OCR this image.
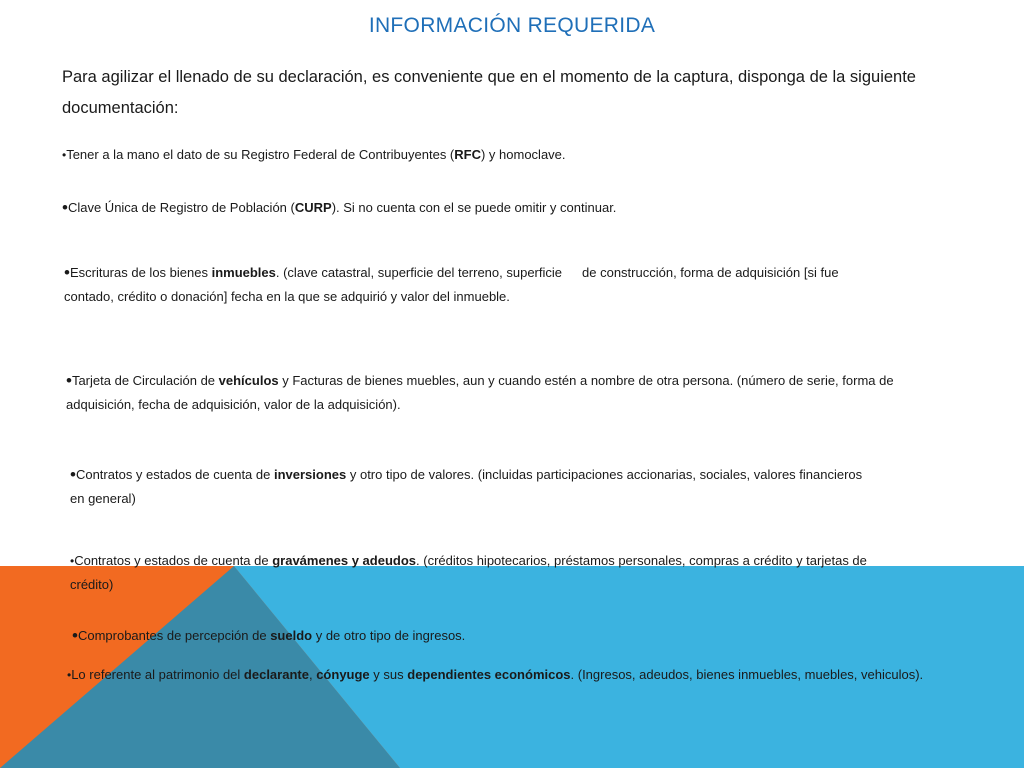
INFORMACIÓN REQUERIDA
Para agilizar el llenado de su declaración, es conveniente que en el momento de la captura, disponga de la siguiente documentación:
•Tener a la mano el dato de su Registro Federal de Contribuyentes (RFC) y homoclave.
•Clave Única de Registro de Población (CURP). Si no cuenta con el se puede omitir y continuar.
•Escrituras de los bienes inmuebles. (clave catastral, superficie del terreno, superficie de construcción, forma de adquisición [si fue
contado, crédito o donación] fecha en la que se adquirió y valor del inmueble.
•Tarjeta de Circulación de vehículos y Facturas de bienes muebles, aun y cuando estén a nombre de otra persona. (número de serie, forma de
adquisición, fecha de adquisición, valor de la adquisición).
•Contratos y estados de cuenta de inversiones y otro tipo de valores. (incluidas participaciones accionarias, sociales, valores financieros
en general)
•Contratos y estados de cuenta de gravámenes y adeudos. (créditos hipotecarios, préstamos personales, compras a crédito y tarjetas de
crédito)
•Comprobantes de percepción de sueldo y de otro tipo de ingresos.
•Lo referente al patrimonio del declarante, cónyuge y sus dependientes económicos. (Ingresos, adeudos, bienes inmuebles, muebles, vehiculos).
